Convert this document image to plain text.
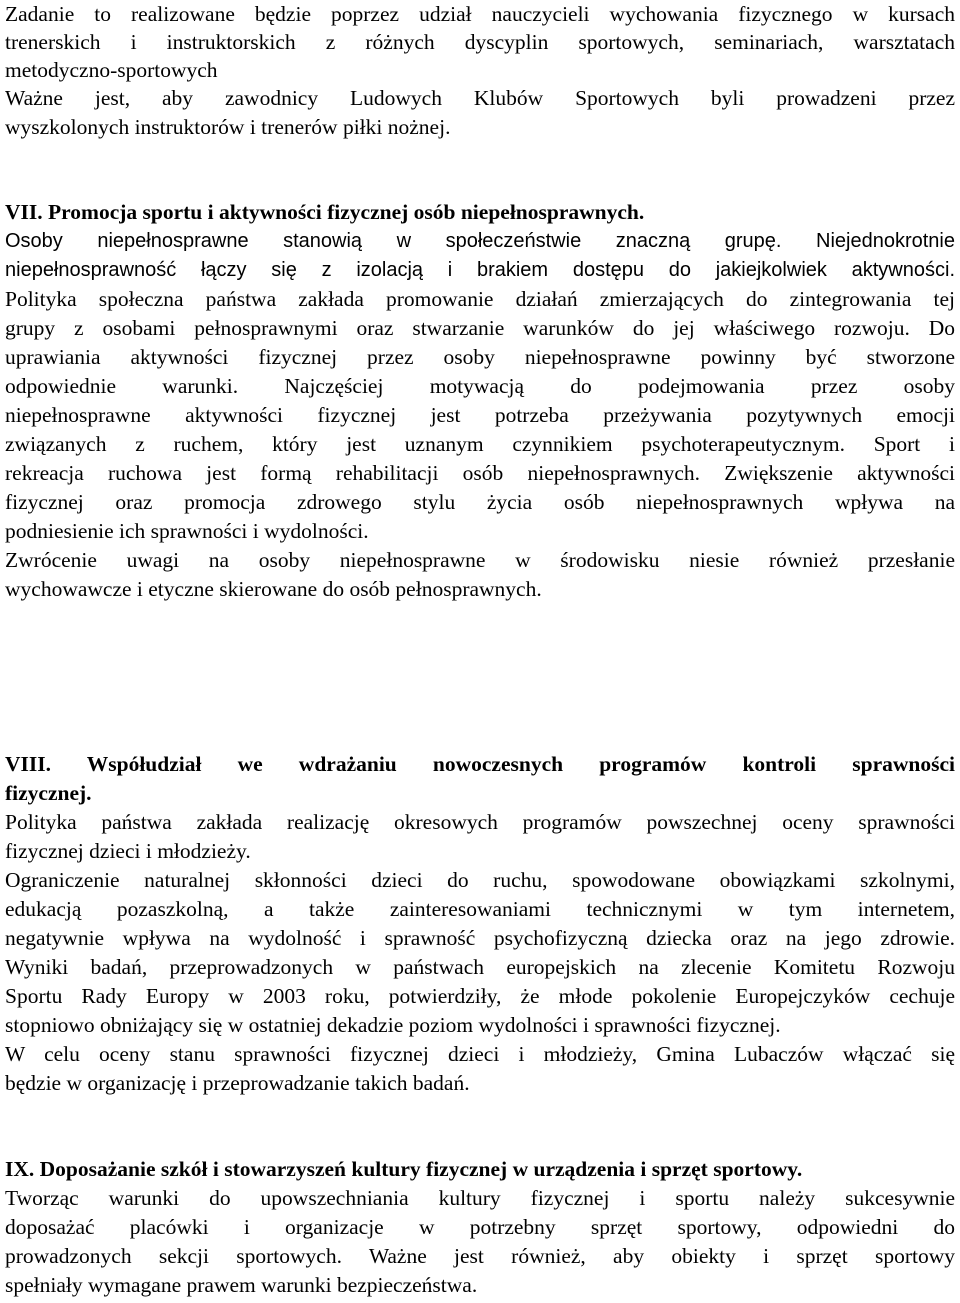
Zadanie to realizowane będzie poprzez udział nauczycieli wychowania fizycznego w kursach
trenerskich i instruktorskich z różnych dyscyplin sportowych, seminariach, warsztatach
metodyczno-sportowych
Ważne jest, aby zawodnicy Ludowych Klubów Sportowych byli prowadzeni przez
wyszkolonych instruktorów i trenerów piłki nożnej.
VII. Promocja sportu i aktywności fizycznej osób niepełnosprawnych.
Osoby niepełnosprawne stanowią w społeczeństwie znaczną grupę. Niejednokrotnie
niepełnosprawność łączy się z izolacją i brakiem dostępu do jakiejkolwiek aktywności.
Polityka społeczna państwa zakłada promowanie działań zmierzających do zintegrowania tej
grupy z osobami pełnosprawnymi oraz stwarzanie warunków do jej właściwego rozwoju. Do
uprawiania aktywności fizycznej przez osoby niepełnosprawne powinny być stworzone
odpowiednie warunki. Najczęściej motywacją do podejmowania przez osoby
niepełnosprawne aktywności fizycznej jest potrzeba przeżywania pozytywnych emocji
związanych z ruchem, który jest uznanym czynnikiem psychoterapeutycznym. Sport i
rekreacja ruchowa jest formą rehabilitacji osób niepełnosprawnych. Zwiększenie aktywności
fizycznej oraz promocja zdrowego stylu życia osób niepełnosprawnych wpływa na
podniesienie ich sprawności i wydolności.
Zwrócenie uwagi na osoby niepełnosprawne w środowisku niesie również przesłanie
wychowawcze i etyczne skierowane do osób pełnosprawnych.
VIII. Współudział we wdrażaniu nowoczesnych programów kontroli sprawności
fizycznej.
Polityka państwa zakłada realizację okresowych programów powszechnej oceny sprawności
fizycznej dzieci i młodzieży.
Ograniczenie naturalnej skłonności dzieci do ruchu, spowodowane obowiązkami szkolnymi,
edukacją pozaszkolną, a także zainteresowaniami technicznymi w tym internetem,
negatywnie wpływa na wydolność i sprawność psychofizyczną dziecka oraz na jego zdrowie.
Wyniki badań, przeprowadzonych w państwach europejskich na zlecenie Komitetu Rozwoju
Sportu Rady Europy w 2003 roku, potwierdziły, że młode pokolenie Europejczyków cechuje
stopniowo obniżający się w ostatniej dekadzie poziom wydolności i sprawności fizycznej.
W celu oceny stanu sprawności fizycznej dzieci i młodzieży, Gmina Lubaczów włączać się
będzie w organizację i przeprowadzanie takich badań.
IX. Doposażanie szkół i stowarzyszeń kultury fizycznej w urządzenia i sprzęt sportowy.
Tworząc warunki do upowszechniania kultury fizycznej i sportu należy sukcesywnie
doposażać placówki i organizacje w potrzebny sprzęt sportowy, odpowiedni do
prowadzonych sekcji sportowych. Ważne jest również, aby obiekty i sprzęt sportowy
spełniały wymagane prawem warunki bezpieczeństwa.
